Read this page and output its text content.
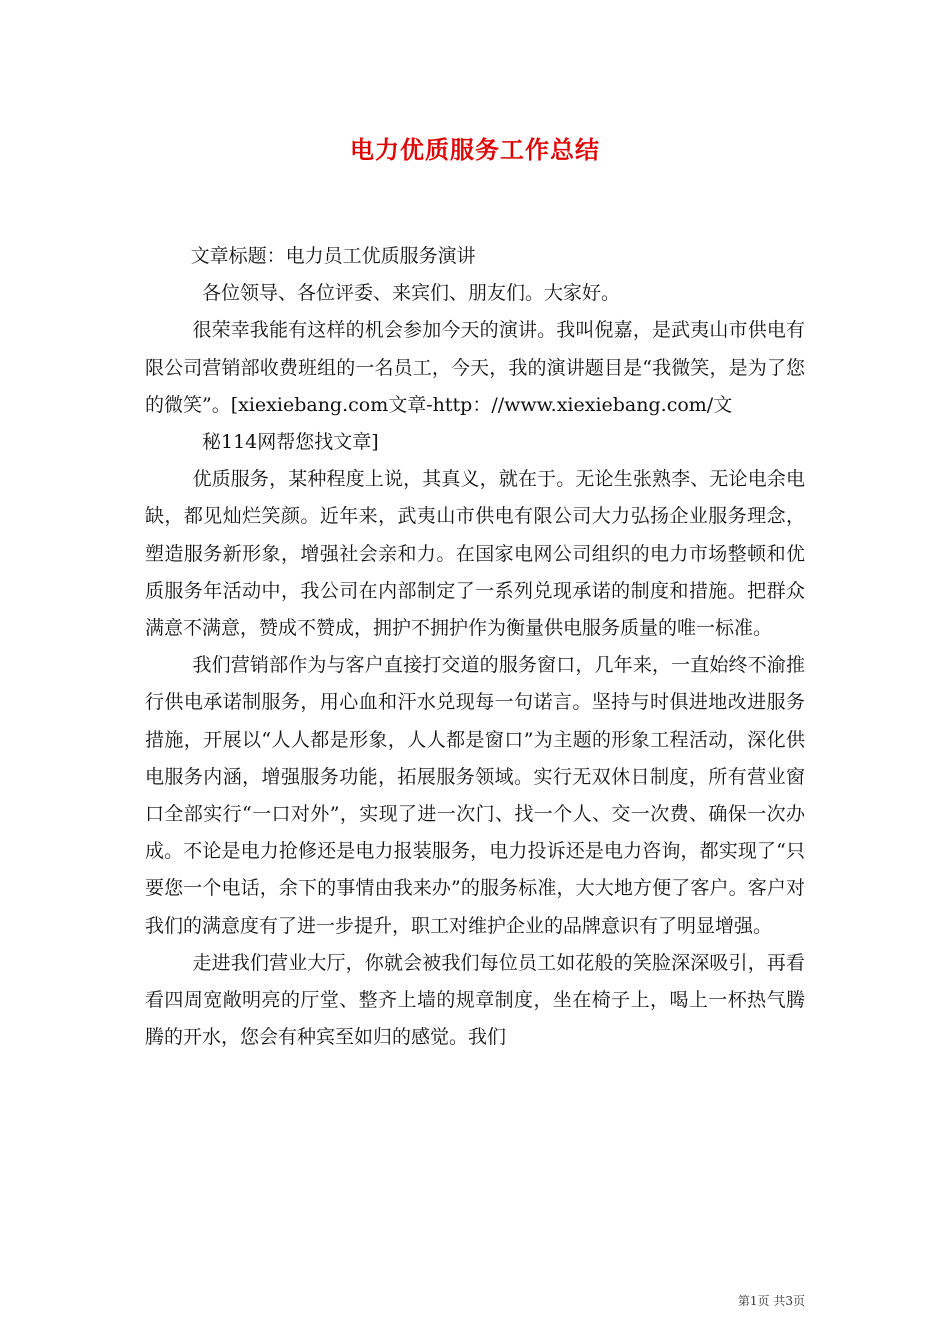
电力优质服务工作总结

文章标题：电力员工优质服务演讲

各位领导、各位评委、来宾们、朋友们。大家好。

很荣幸我能有这样的机会参加今天的演讲。我叫倪嘉，是武夷山市供电有限公司营销部收费班组的一名员工，今天，我的演讲题目是“我微笑，是为了您的微笑”。[xiexiebang.com文章-http：//www.xiexiebang.com/文

秘114网帮您找文章]

优质服务，某种程度上说，其真义，就在于。无论生张熟李、无论电余电缺，都见灿烂笑颜。近年来，武夷山市供电有限公司大力弘扬企业服务理念，塑造服务新形象，增强社会亲和力。在国家电网公司组织的电力市场整顿和优质服务年活动中，我公司在内部制定了一系列兑现承诺的制度和措施。把群众满意不满意，赞成不赞成，拥护不拥护作为衡量供电服务质量的唯一标准。

我们营销部作为与客户直接打交道的服务窗口，几年来，一直始终不渝推行供电承诺制服务，用心血和汗水兑现每一句诺言。坚持与时俱进地改进服务措施，开展以“人人都是形象，人人都是窗口”为主题的形象工程活动，深化供电服务内涵，增强服务功能，拓展服务领域。实行无双休日制度，所有营业窗口全部实行“一口对外”，实现了进一次门、找一个人、交一次费、确保一次办成。不论是电力抢修还是电力报装服务，电力投诉还是电力咨询，都实现了“只要您一个电话，余下的事情由我来办”的服务标准，大大地方便了客户。客户对我们的满意度有了进一步提升，职工对维护企业的品牌意识有了明显增强。

走进我们营业大厅，你就会被我们每位员工如花般的笑脸深深吸引，再看看四周宽敞明亮的厅堂、整齐上墙的规章制度，坐在椅子上，喝上一杯热气腾腾的开水，您会有种宾至如归的感觉。我们

第1页 共3页
